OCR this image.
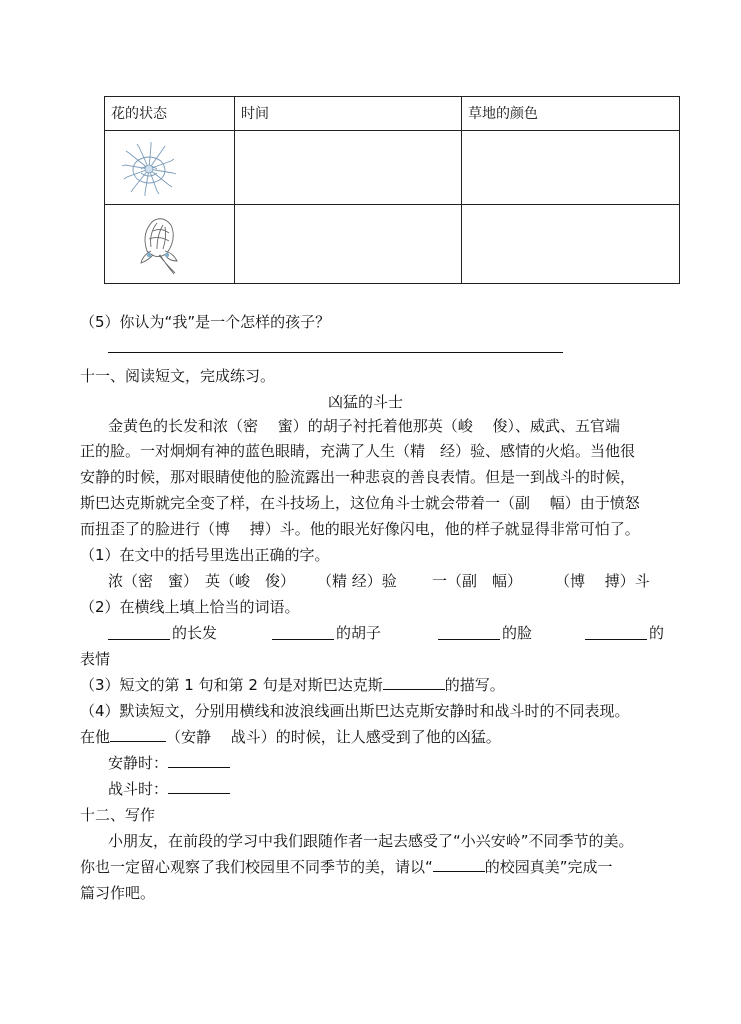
花的状态	时间	草地的颜色

（5）你认为“我”是一个怎样的孩子？
十一、阅读短文，完成练习。
凶猛的斗士
金黄色的长发和浓（密　 蜜）的胡子衬托着他那英（峻　 俊）、威武、五官端
正的脸。一对炯炯有神的蓝色眼睛，充满了人生（精　经）验、感情的火焰。当他很
安静的时候，那对眼睛使他的脸流露出一种悲哀的善良表情。但是一到战斗的时候，
斯巴达克斯就完全变了样，在斗技场上，这位角斗士就会带着一（副　 幅）由于愤怒
而扭歪了的脸进行（博　 搏）斗。他的眼光好像闪电，他的样子就显得非常可怕了。
（1）在文中的括号里选出正确的字。
浓（密　蜜） 英（峻　俊） （精 经）验 一（副　幅） （博　 搏）斗
（2）在横线上填上恰当的词语。
的长发	的胡子	的脸	的
表情
（3）短文的第 1 句和第 2 句是对斯巴达克斯	的描写。
（4）默读短文，分别用横线和波浪线画出斯巴达克斯安静时和战斗时的不同表现。
在他	（安静　 战斗）的时候，让人感受到了他的凶猛。
安静时：
战斗时：
十二、写作
小朋友，在前段的学习中我们跟随作者一起去感受了“小兴安岭”不同季节的美。
你也一定留心观察了我们校园里不同季节的美，请以“	的校园真美”完成一
篇习作吧。
